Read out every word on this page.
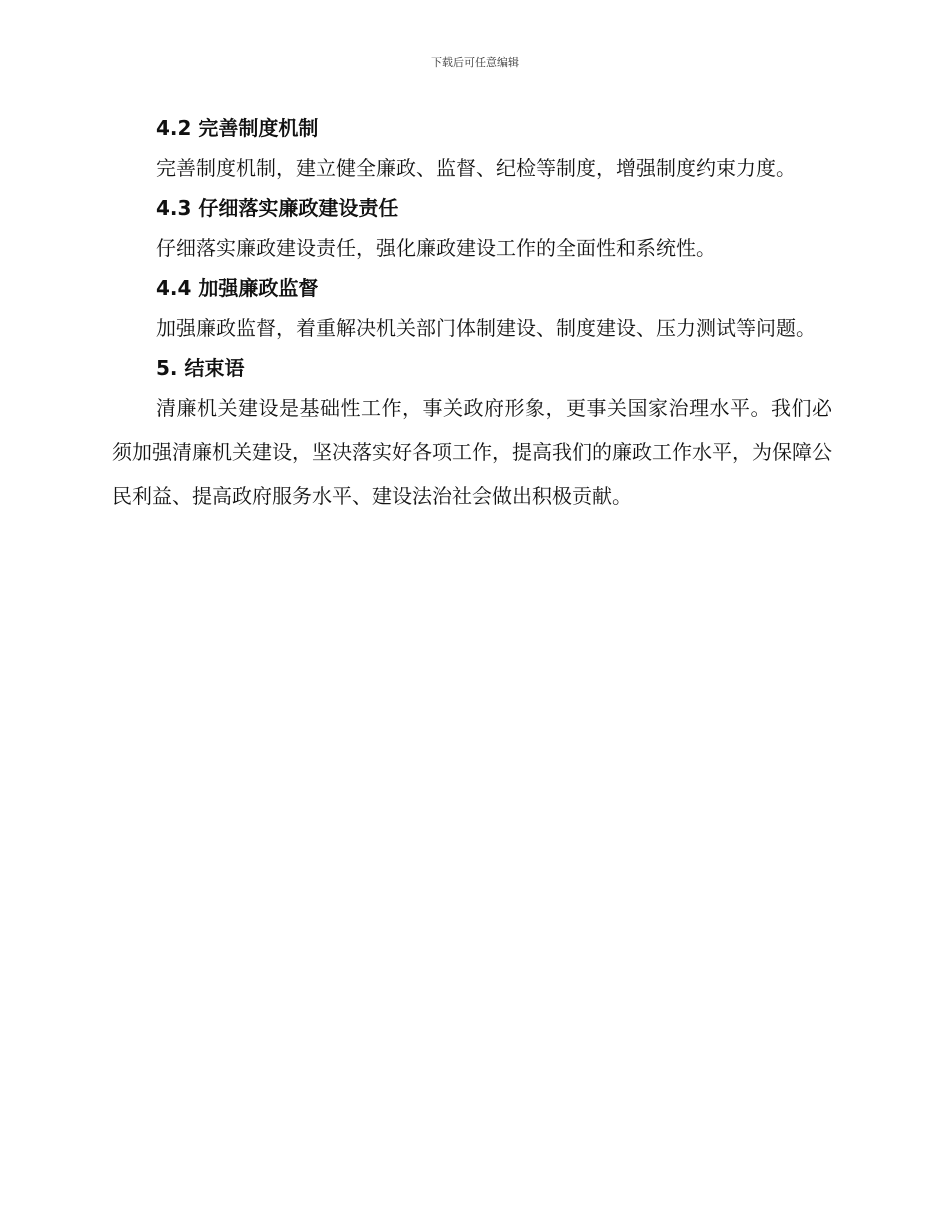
下载后可任意编辑
4.2 完善制度机制

完善制度机制，建立健全廉政、监督、纪检等制度，增强制度约束力度。

4.3 仔细落实廉政建设责任

仔细落实廉政建设责任，强化廉政建设工作的全面性和系统性。

4.4 加强廉政监督

加强廉政监督，着重解决机关部门体制建设、制度建设、压力测试等问题。

5. 结束语

清廉机关建设是基础性工作，事关政府形象，更事关国家治理水平。我们必须加强清廉机关建设，坚决落实好各项工作，提高我们的廉政工作水平，为保障公民利益、提高政府服务水平、建设法治社会做出积极贡献。
